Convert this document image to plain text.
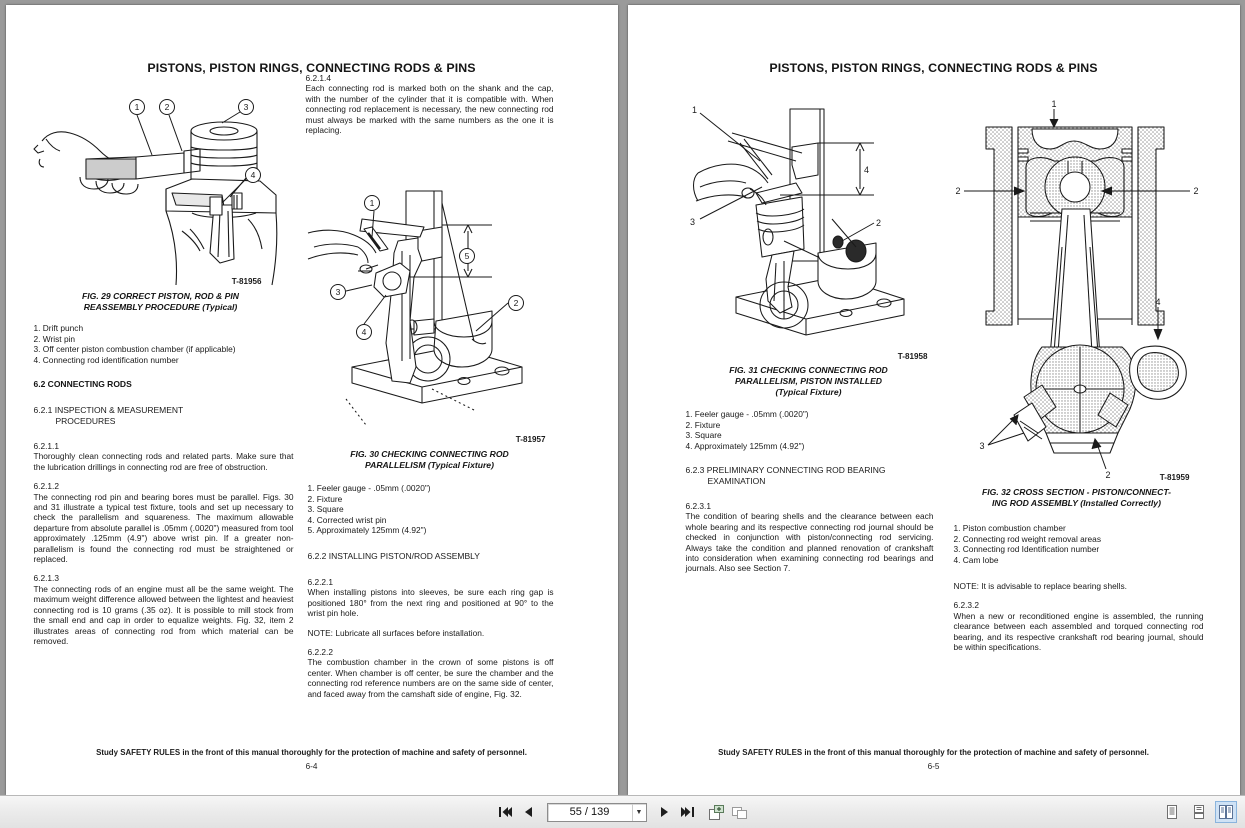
PISTONS, PISTON RINGS, CONNECTING RODS & PINS
1	2	3
4
T-81956
FIG. 29 CORRECT PISTON, ROD & PIN
REASSEMBLY PROCEDURE (Typical)
1. Drift punch
2. Wrist pin
3. Off center piston combustion chamber (if applicable)
4. Connecting rod identification number
6.2 CONNECTING RODS
6.2.1 INSPECTION & MEASUREMENT
PROCEDURES

6.2.1.1

Thoroughly clean connecting rods and related parts. Make sure that the lubrication drillings in connecting rod are free of obstruction.

6.2.1.2

The connecting rod pin and bearing bores must be parallel. Figs. 30 and 31 illustrate a typical test fixture, tools and set up necessary to check the parallelism and squareness. The maximum allowable departure from absolute parallel is .05mm (.0020") measured from tool approximately .125mm (4.9") above wrist pin. If a greater non-parallelism is found the connecting rod must be straightened or replaced.

6.2.1.3

The connecting rods of an engine must all be the same weight. The maximum weight difference allowed between the lightest and heaviest connecting rod is 10 grams (.35 oz). It is possible to mill stock from the small end and cap in order to equalize weights. Fig. 32, item 2 illustrates areas of connecting rod from which material can be removed.

6.2.1.4

Each connecting rod is marked both on the shank and the cap, with the number of the cylinder that it is compatible with. When connecting rod replacement is necessary, the new connecting rod must always be marked with the same numbers as the one it is replacing.

1
2
3
4
5
T-81957
FIG. 30 CHECKING CONNECTING ROD
PARALLELISM (Typical Fixture)
1. Feeler gauge - .05mm (.0020")
2. Fixture
3. Square
4. Corrected wrist pin
5. Approximately 125mm (4.92")
6.2.2 INSTALLING PISTON/ROD ASSEMBLY

6.2.2.1

When installing pistons into sleeves, be sure each ring gap is positioned 180° from the next ring and positioned at 90° to the wrist pin hole.

NOTE: Lubricate all surfaces before installation.

6.2.2.2

The combustion chamber in the crown of some pistons is off center. When chamber is off center, be sure the chamber and the connecting rod reference numbers are on the same side of center, and faced away from the camshaft side of engine, Fig. 32.

Study SAFETY RULES in the front of this manual thoroughly for the protection of machine and safety of personnel.
6-4
PISTONS, PISTON RINGS, CONNECTING RODS & PINS
1
2
3
4
T-81958
FIG. 31 CHECKING CONNECTING ROD
PARALLELISM, PISTON INSTALLED
(Typical Fixture)
1. Feeler gauge - .05mm (.0020")
2. Fixture
3. Square
4. Approximately 125mm (4.92")
6.2.3 PRELIMINARY CONNECTING ROD BEARING
EXAMINATION

6.2.3.1

The condition of bearing shells and the clearance between each whole bearing and its respective connecting rod journal should be checked in conjunction with piston/connecting rod servicing. Always take the condition and planned renovation of crankshaft into consideration when examining connecting rod bearings and journals. Also see Section 7.

1
2	2
4
3
2	T-81959
FIG. 32 CROSS SECTION - PISTON/CONNECT-
ING ROD ASSEMBLY (Installed Correctly)
1. Piston combustion chamber
2. Connecting rod weight removal areas
3. Connecting rod Identification number
4. Cam lobe

NOTE: It is advisable to replace bearing shells.

6.2.3.2

When a new or reconditioned engine is assembled, the running clearance between each assembled and torqued connecting rod bearing, and its respective crankshaft rod bearing journal, should be within specifications.

Study SAFETY RULES in the front of this manual thoroughly for the protection of machine and safety of personnel.
6-5
55 / 139
▼
